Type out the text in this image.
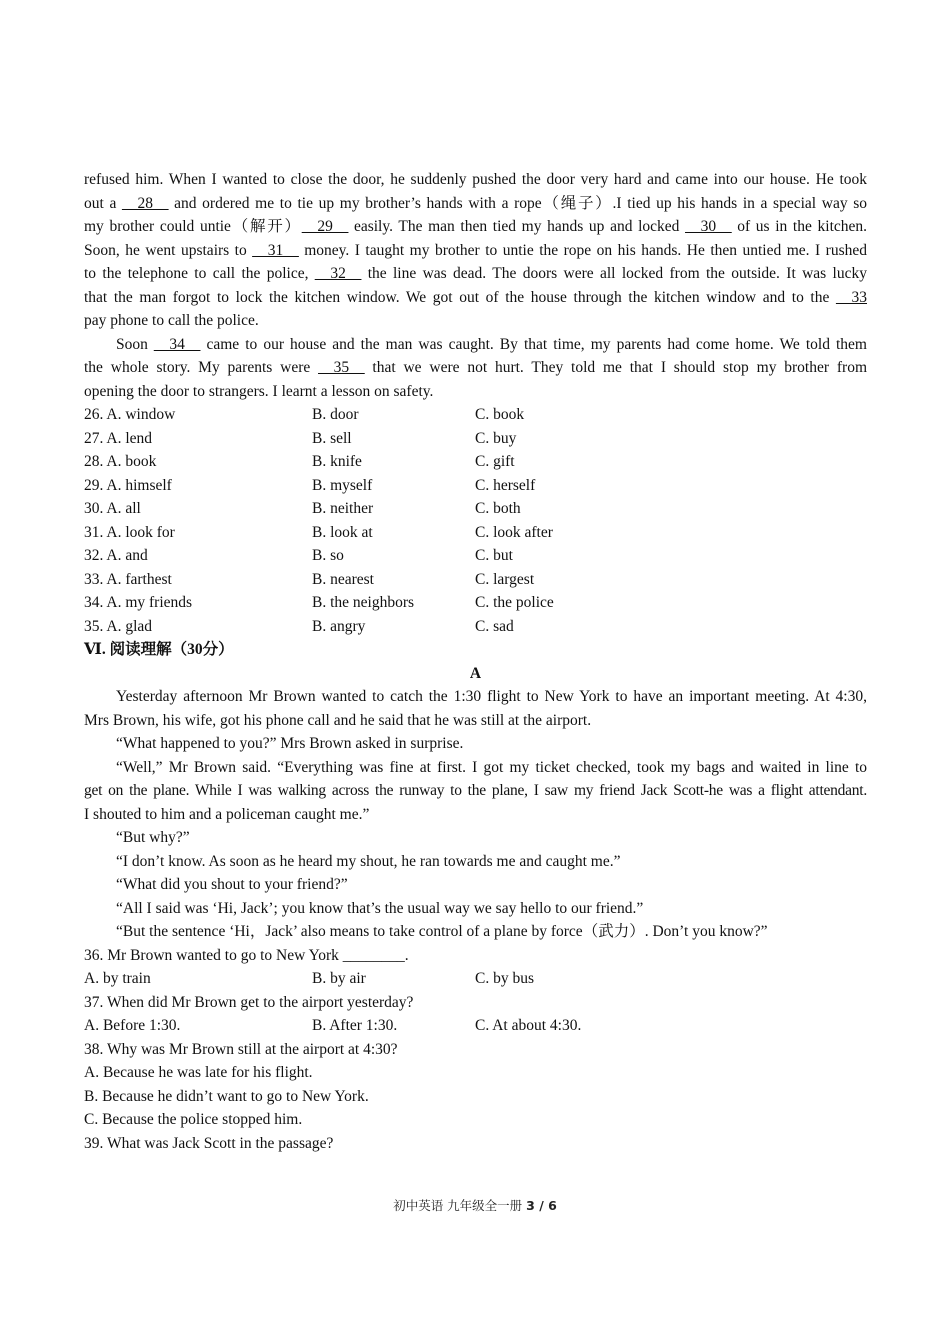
refused him. When I wanted to close the door, he suddenly pushed the door very hard and came into our house. He took
out a __28__ and ordered me to tie up my brother’s hands with a rope（绳子）.I tied up his hands in a special way so
my brother could untie（解开）__29__ easily. The man then tied my hands up and locked __30__ of us in the kitchen.
Soon, he went upstairs to __31__ money. I taught my brother to untie the rope on his hands. He then untied me. I rushed
to the telephone to call the police, __32__ the line was dead. The doors were all locked from the outside. It was lucky
that the man forgot to lock the kitchen window. We got out of the house through the kitchen window and to the __33
pay phone to call the police.
Soon __34__ came to our house and the man was caught. By that time, my parents had come home. We told them
the whole story. My parents were __35__ that we were not hurt. They told me that I should stop my brother from
opening the door to strangers. I learnt a lesson on safety.
26. A. window	B. door	C. book
27. A. lend	B. sell	C. buy
28. A. book	B. knife	C. gift
29. A. himself	B. myself	C. herself
30. A. all	B. neither	C. both
31. A. look for	B. look at	C. look after
32. A. and	B. so	C. but
33. A. farthest	B. nearest	C. largest
34. A. my friends	B. the neighbors	C. the police
35. A. glad	B. angry	C. sad
Ⅵ. 阅读理解（30分）
A
Yesterday afternoon Mr Brown wanted to catch the 1:30 flight to New York to have an important meeting. At 4:30,
Mrs Brown, his wife, got his phone call and he said that he was still at the airport.
“What happened to you?” Mrs Brown asked in surprise.
“Well,” Mr Brown said. “Everything was fine at first. I got my ticket checked, took my bags and waited in line to
get on the plane. While I was walking across the runway to the plane, I saw my friend Jack Scott-he was a flight attendant.
I shouted to him and a policeman caught me.”
“But why?”
“I don’t know. As soon as he heard my shout, he ran towards me and caught me.”
“What did you shout to your friend?”
“All I said was ‘Hi, Jack’; you know that’s the usual way we say hello to our friend.”
“But the sentence ‘Hi，Jack’ also means to take control of a plane by force（武力）. Don’t you know?”
36. Mr Brown wanted to go to New York ________.
A. by train	B. by air	C. by bus
37. When did Mr Brown get to the airport yesterday?
A. Before 1:30.	B. After 1:30.	C. At about 4:30.
38. Why was Mr Brown still at the airport at 4:30?
A. Because he was late for his flight.
B. Because he didn’t want to go to New York.
C. Because the police stopped him.
39. What was Jack Scott in the passage?
初中英语 九年级全一册 3 / 6
